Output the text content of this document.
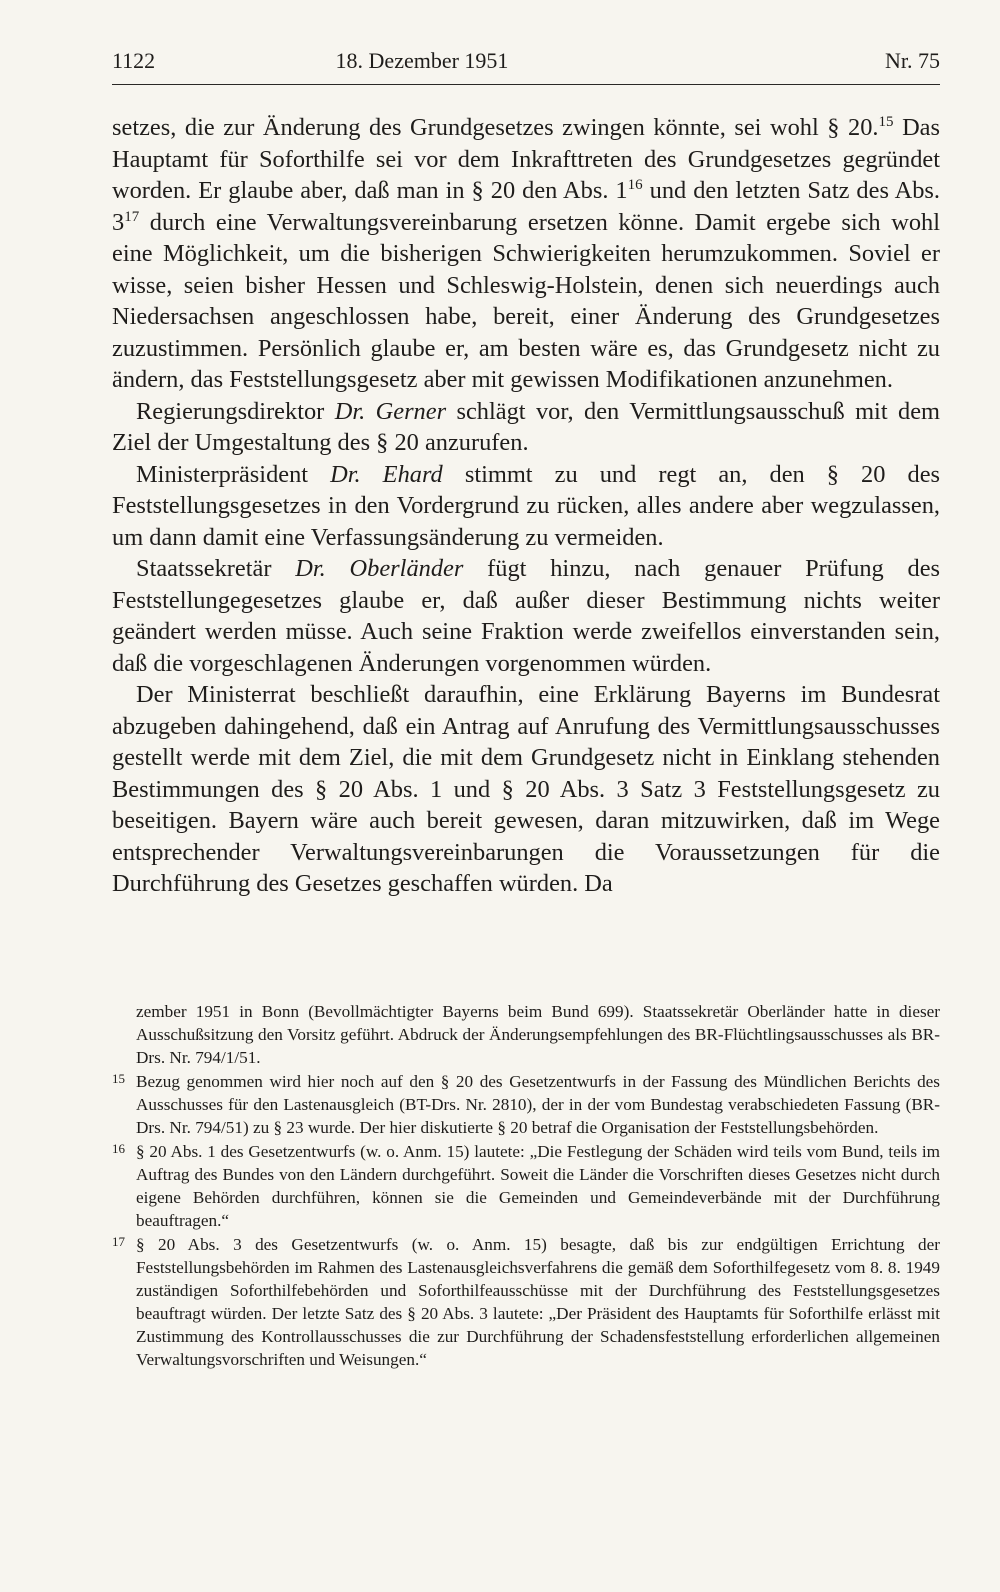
1122	18. Dezember 1951	Nr. 75

setzes, die zur Änderung des Grundgesetzes zwingen könnte, sei wohl § 20.15 Das Hauptamt für Soforthilfe sei vor dem Inkrafttreten des Grundgesetzes gegründet worden. Er glaube aber, daß man in § 20 den Abs. $1^{16}$ und den letzten Satz des Abs. $3^{17}$ durch eine Verwaltungsvereinbarung ersetzen könne. Damit ergebe sich wohl eine Möglichkeit, um die bisherigen Schwierigkeiten herumzukommen. Soviel er wisse, seien bisher Hessen und Schleswig-Holstein, denen sich neuerdings auch Niedersachsen angeschlossen habe, bereit, einer Änderung des Grundgesetzes zuzustimmen. Persönlich glaube er, am besten wäre es, das Grundgesetz nicht zu ändern, das Feststellungsgesetz aber mit gewissen Modifikationen anzunehmen.

Regierungsdirektor Dr. Gerner schlägt vor, den Vermittlungsausschuß mit dem Ziel der Umgestaltung des § 20 anzurufen.

Ministerpräsident Dr. Ehard stimmt zu und regt an, den § 20 des Feststellungsgesetzes in den Vordergrund zu rücken, alles andere aber wegzulassen, um dann damit eine Verfassungsänderung zu vermeiden.

Staatssekretär Dr. Oberländer fügt hinzu, nach genauer Prüfung des Feststellungegesetzes glaube er, daß außer dieser Bestimmung nichts weiter geändert werden müsse. Auch seine Fraktion werde zweifellos einverstanden sein, daß die vorgeschlagenen Änderungen vorgenommen würden.

Der Ministerrat beschließt daraufhin, eine Erklärung Bayerns im Bundesrat abzugeben dahingehend, daß ein Antrag auf Anrufung des Vermittlungsausschusses gestellt werde mit dem Ziel, die mit dem Grundgesetz nicht in Einklang stehenden Bestimmungen des § 20 Abs. 1 und § 20 Abs. 3 Satz 3 Feststellungsgesetz zu beseitigen. Bayern wäre auch bereit gewesen, daran mitzuwirken, daß im Wege entsprechender Verwaltungsvereinbarungen die Voraussetzungen für die Durchführung des Gesetzes geschaffen würden. Da

zember 1951 in Bonn (Bevollmächtigter Bayerns beim Bund 699). Staatssekretär Oberländer hatte in dieser Ausschußsitzung den Vorsitz geführt. Abdruck der Änderungsempfehlungen des BR-Flüchtlingsausschusses als BR-Drs. Nr. 794/1/51.

15 Bezug genommen wird hier noch auf den § 20 des Gesetzentwurfs in der Fassung des Mündlichen Berichts des Ausschusses für den Lastenausgleich (BT-Drs. Nr. 2810), der in der vom Bundestag verabschiedeten Fassung (BR-Drs. Nr. 794/51) zu § 23 wurde. Der hier diskutierte § 20 betraf die Organisation der Feststellungsbehörden.

16 § 20 Abs. 1 des Gesetzentwurfs (w. o. Anm. 15) lautete: „Die Festlegung der Schäden wird teils vom Bund, teils im Auftrag des Bundes von den Ländern durchgeführt. Soweit die Länder die Vorschriften dieses Gesetzes nicht durch eigene Behörden durchführen, können sie die Gemeinden und Gemeindeverbände mit der Durchführung beauftragen.“

17 § 20 Abs. 3 des Gesetzentwurfs (w. o. Anm. 15) besagte, daß bis zur endgültigen Errichtung der Feststellungsbehörden im Rahmen des Lastenausgleichsverfahrens die gemäß dem Soforthilfegesetz vom 8. 8. 1949 zuständigen Soforthilfebehörden und Soforthilfeausschüsse mit der Durchführung des Feststellungsgesetzes beauftragt würden. Der letzte Satz des § 20 Abs. 3 lautete: „Der Präsident des Hauptamts für Soforthilfe erlässt mit Zustimmung des Kontrollausschusses die zur Durchführung der Schadensfeststellung erforderlichen allgemeinen Verwaltungsvorschriften und Weisungen.“
